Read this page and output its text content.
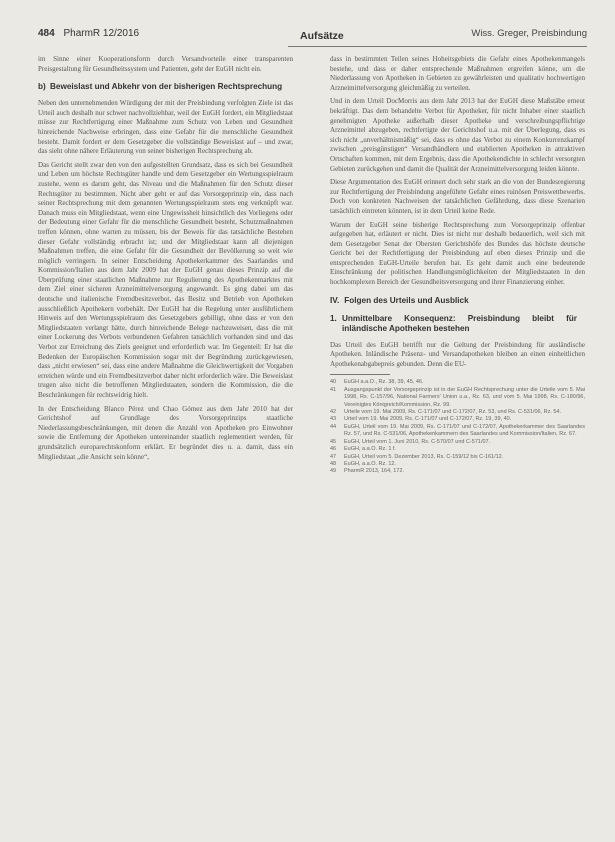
484 PharmR 12/2016	Aufsätze	Wiss. Greger, Preisbindung

im Sinne einer Kooperationsform durch Versandvorteile einer transparenten Preisgestaltung für Gesundheitssystem und Patienten, geht der EuGH nicht ein.

b) Beweislast und Abkehr von der bisherigen Rechtsprechung

Neben den unternehmenden Würdigung der mit der Preisbindung verfolgten Ziele ist das Urteil auch deshalb nur schwer nachvollziehbar, weil der EuGH fordert, ein Mitgliedstaat müsse zur Rechtfertigung einer Maßnahme zum Schutz von Leben und Gesundheit hinreichende Nachweise erbringen, dass eine Gefahr für die menschliche Gesundheit besteht. Damit fordert er dem Gesetzgeber die vollständige Beweislast auf – und zwar, das sieht ohne nähere Erläuterung von seiner bisherigen Rechtsprechung ab.

Das Gericht stellt zwar den von den aufgestellten Grundsatz, dass es sich bei Gesundheit und Leben um höchste Rechtsgüter handle und dem Gesetzgeber ein Wertungsspielraum zustehe, wenn es darum geht, das Niveau und die Maßnahmen für den Schutz dieser Rechtsgüter zu bestimmen. Nicht aber geht er auf das Vorsorgeprinzip ein, dass nach seiner Rechtsprechung mit dem genannten Wertungsspielraum stets eng verknüpft war. Danach muss ein Mitgliedstaat, wenn eine Ungewissheit hinsichtlich des Vorliegens oder der Bedeutung einer Gefahr für die menschliche Gesundheit besteht, Schutzmaßnahmen treffen können, ohne warten zu müssen, bis der Beweis für das tatsächliche Bestehen dieser Gefahr vollständig erbracht ist; und der Mitgliedstaat kann all diejenigen Maßnahmen treffen, die eine Gefahr für die Gesundheit der Bevölkerung so weit wie möglich verringern. In seiner Entscheidung Apothekerkammer des Saarlandes und Kommission/Italien aus dem Jahr 2009 hat der EuGH genau dieses Prinzip auf die Überprüfung einer staatlichen Maßnahme zur Regulierung des Apothekenmarktes mit dem Ziel einer sicheren Arzneimittelversorgung angewandt. Es ging dabei um das deutsche und italienische Fremdbesitzverbot, das Besitz und Betrieb von Apotheken ausschließlich Apothekern vorbehält. Der EuGH hat die Regelung unter ausführlichem Hinweis auf den Wertungsspielraum des Gesetzgebers gebilligt, ohne dass er von den Mitgliedstaaten verlangt hätte, durch hinreichende Belege nachzuweisen, dass die mit einer Lockerung des Verbots verbundenen Gefahren tatsächlich vorhanden sind und das Verbot zur Erreichung des Ziels geeignet und erforderlich war. Im Gegenteil: Er hat die Bedenken der Europäischen Kommission sogar mit der Begründung zurückgewiesen, dass „nicht erwiesen“ sei, dass eine andere Maßnahme die Gleichwertigkeit der Vorgaben erreichen würde und ein Fremdbesitzverbot daher nicht erforderlich wäre. Die Beweislast trugen also nicht die betroffenen Mitgliedstaaten, sondern die Kommission, die die Beschränkungen für rechtswidrig hielt.

In der Entscheidung Blanco Pérez und Chao Gómez aus dem Jahr 2010 hat der Gerichtshof auf Grundlage des Vorsorgeprinzips staatliche Niederlassungsbeschränkungen, mit denen die Anzahl von Apotheken pro Einwohner sowie die Entfernung der Apotheken untereinander staatlich reglementiert werden, für grundsätzlich europarechtskonform erklärt. Er begründet dies u. a. damit, dass ein Mitgliedstaat „die Ansicht sein könne“,

dass in bestimmten Teilen seines Hoheitsgebiets die Gefahr eines Apothekenmangels bestehe, und dass er daher entsprechende Maßnahmen ergreifen könne, um die Niederlassung von Apotheken in Gebieten zu gewährleisten und qualitativ hochwertigen Arzneimittelversorgung gleichmäßig zu verteilen.

Und in dem Urteil DocMorris aus dem Jahr 2013 hat der EuGH diese Maßstäbe erneut bekräftigt. Das dem behandelte Verbot für Apotheker, für nicht Inhaber einer staatlich genehmigten Apotheke außerhalb dieser Apotheke und verschreibungspflichtige Arzneimittel abzugeben, rechtfertigte der Gerichtshof u.a. mit der Überlegung, dass es sich nicht „unverhältnismäßig“ sei, dass es ohne das Verbot zu einem Konkurrenzkampf zwischen „preisgünstigen“ Versandhändlern und etablierten Apotheken in attraktiven Ortschaften kommen, mit dem Ergebnis, dass die Apothekendichte in schlecht versorgten Gebieten zurückgehen und damit die Qualität der Arzneimittelversorgung leiden könnte.

Diese Argumentation des EuGH erinnert doch sehr stark an die von der Bundesregierung zur Rechtfertigung der Preisbindung angeführte Gefahr eines ruinösen Preiswettbewerbs. Doch von konkreten Nachweisen der tatsächlichen Gefährdung, dass diese Szenarien tatsächlich eintreten könnten, ist in dem Urteil keine Rede.

Warum der EuGH seine bisherige Rechtsprechung zum Vorsorgeprinzip offenbar aufgegeben hat, erläutert er nicht. Dies ist nicht nur deshalb bedauerlich, weil sich mit dem Gesetzgeber Senat der Obersten Gerichtshöfe des Bundes das höchste deutsche Gericht bei der Rechtfertigung der Preisbindung auf eben dieses Prinzip und die entsprechenden EuGH-Urteile berufen hat. Es geht damit auch eine bedeutende Einschränkung der politischen Handlungsmöglichkeiten der Mitgliedstaaten in den hochkomplexen Bereich der Gesundheitsversorgung und ihrer Finanzierung einher.

IV. Folgen des Urteils und Ausblick
1. Unmittelbare Konsequenz: Preisbindung bleibt für inländische Apotheken bestehen

Das Urteil des EuGH betrifft nur die Geltung der Preisbindung für ausländische Apotheken. Inländische Präsenz- und Versandapotheken bleiben an einen einheitlichen Apothekenabgabepreis gebunden. Denn die EU-

40	EuGH a.a.O., Rz. 38, 39, 45, 46.
41	Ausgangspunkt der Vorsorgeprinzip ist in der EuGH Rechtsprechung unter die Urteile vom 5. Mai 1998, Rs. C-157/96, National Farmers' Union u.a., Rz. 63, und vom 5. Mai 1998, Rs. C-180/96, Vereinigtes Königreich/Kommission, Rz. 99.
42	Urteile vom 19. Mai 2009, Rs. C-171/07 und C-172/07, Rz. 53, und Rs. C-531/06, Rz. 54.
43	Urteil vom 19. Mai 2009, Rs. C-171/07 und C-172/07, Rz. 19, 39, 40.
44	EuGH, Urteil vom 19. Mai 2009, Rs. C-171/07 und C-172/07, Apothekerkammer des Saarlandes Rz. 57, und Rs. C-531/06, Apothekenkammern des Saarlandes und Kommission/Italien, Rz. 67.
45	EuGH, Urteil vom 1. Juni 2010, Rs. C-570/07 und C-571/07.
46	EuGH, a.a.O. Rz. 1 f.
47	EuGH, Urteil vom 5. Dezember 2013, Rs. C-159/12 bis C-161/12.
48	EuGH, a.a.O. Rz. 12.
49	PharmR 2013, 164, 172.
